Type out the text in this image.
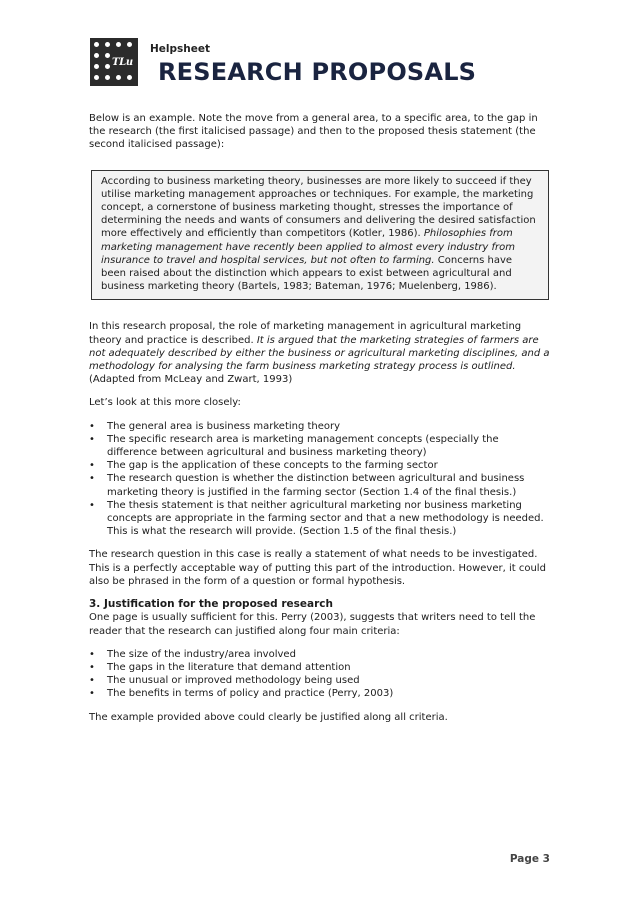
TLu
Helpsheet
RESEARCH PROPOSALS

Below is an example. Note the move from a general area, to a specific area, to the gap in the research (the first italicised passage) and then to the proposed thesis statement (the second italicised passage):

According to business marketing theory, businesses are more likely to succeed if they utilise marketing management approaches or techniques. For example, the marketing concept, a cornerstone of business marketing thought, stresses the importance of determining the needs and wants of consumers and delivering the desired satisfaction more effectively and efficiently than competitors (Kotler, 1986). Philosophies from marketing management have recently been applied to almost every industry from insurance to travel and hospital services, but not often to farming. Concerns have been raised about the distinction which appears to exist between agricultural and business marketing theory (Bartels, 1983; Bateman, 1976; Muelenberg, 1986).

In this research proposal, the role of marketing management in agricultural marketing theory and practice is described. It is argued that the marketing strategies of farmers are not adequately described by either the business or agricultural marketing disciplines, and a methodology for analysing the farm business marketing strategy process is outlined. (Adapted from McLeay and Zwart, 1993)

Let’s look at this more closely:

• The general area is business marketing theory
• The specific research area is marketing management concepts (especially the difference between agricultural and business marketing theory)
• The gap is the application of these concepts to the farming sector
• The research question is whether the distinction between agricultural and business marketing theory is justified in the farming sector (Section 1.4 of the final thesis.)
• The thesis statement is that neither agricultural marketing nor business marketing concepts are appropriate in the farming sector and that a new methodology is needed. This is what the research will provide. (Section 1.5 of the final thesis.)

The research question in this case is really a statement of what needs to be investigated. This is a perfectly acceptable way of putting this part of the introduction. However, it could also be phrased in the form of a question or formal hypothesis.

3. Justification for the proposed research

One page is usually sufficient for this. Perry (2003), suggests that writers need to tell the reader that the research can justified along four main criteria:

• The size of the industry/area involved
• The gaps in the literature that demand attention
• The unusual or improved methodology being used
• The benefits in terms of policy and practice (Perry, 2003)

The example provided above could clearly be justified along all criteria.

Page 3
